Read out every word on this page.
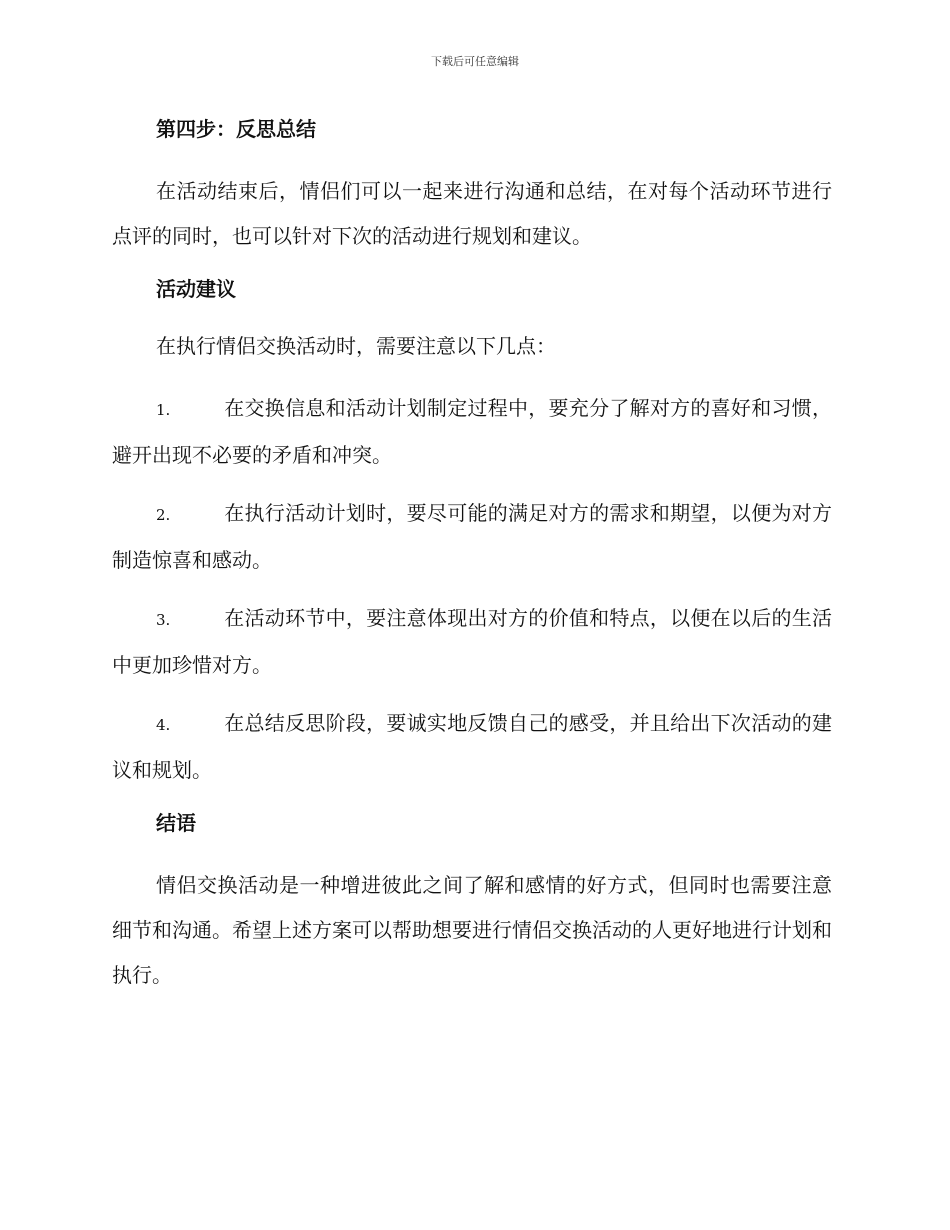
下载后可任意编辑
第四步：反思总结
在活动结束后，情侣们可以一起来进行沟通和总结，在对每个活动环节进行点评的同时，也可以针对下次的活动进行规划和建议。
活动建议
在执行情侣交换活动时，需要注意以下几点：
1.	在交换信息和活动计划制定过程中，要充分了解对方的喜好和习惯，避开出现不必要的矛盾和冲突。
2.	在执行活动计划时，要尽可能的满足对方的需求和期望，以便为对方制造惊喜和感动。
3.	在活动环节中，要注意体现出对方的价值和特点，以便在以后的生活中更加珍惜对方。
4.	在总结反思阶段，要诚实地反馈自己的感受，并且给出下次活动的建议和规划。
结语
情侣交换活动是一种增进彼此之间了解和感情的好方式，但同时也需要注意细节和沟通。希望上述方案可以帮助想要进行情侣交换活动的人更好地进行计划和执行。
